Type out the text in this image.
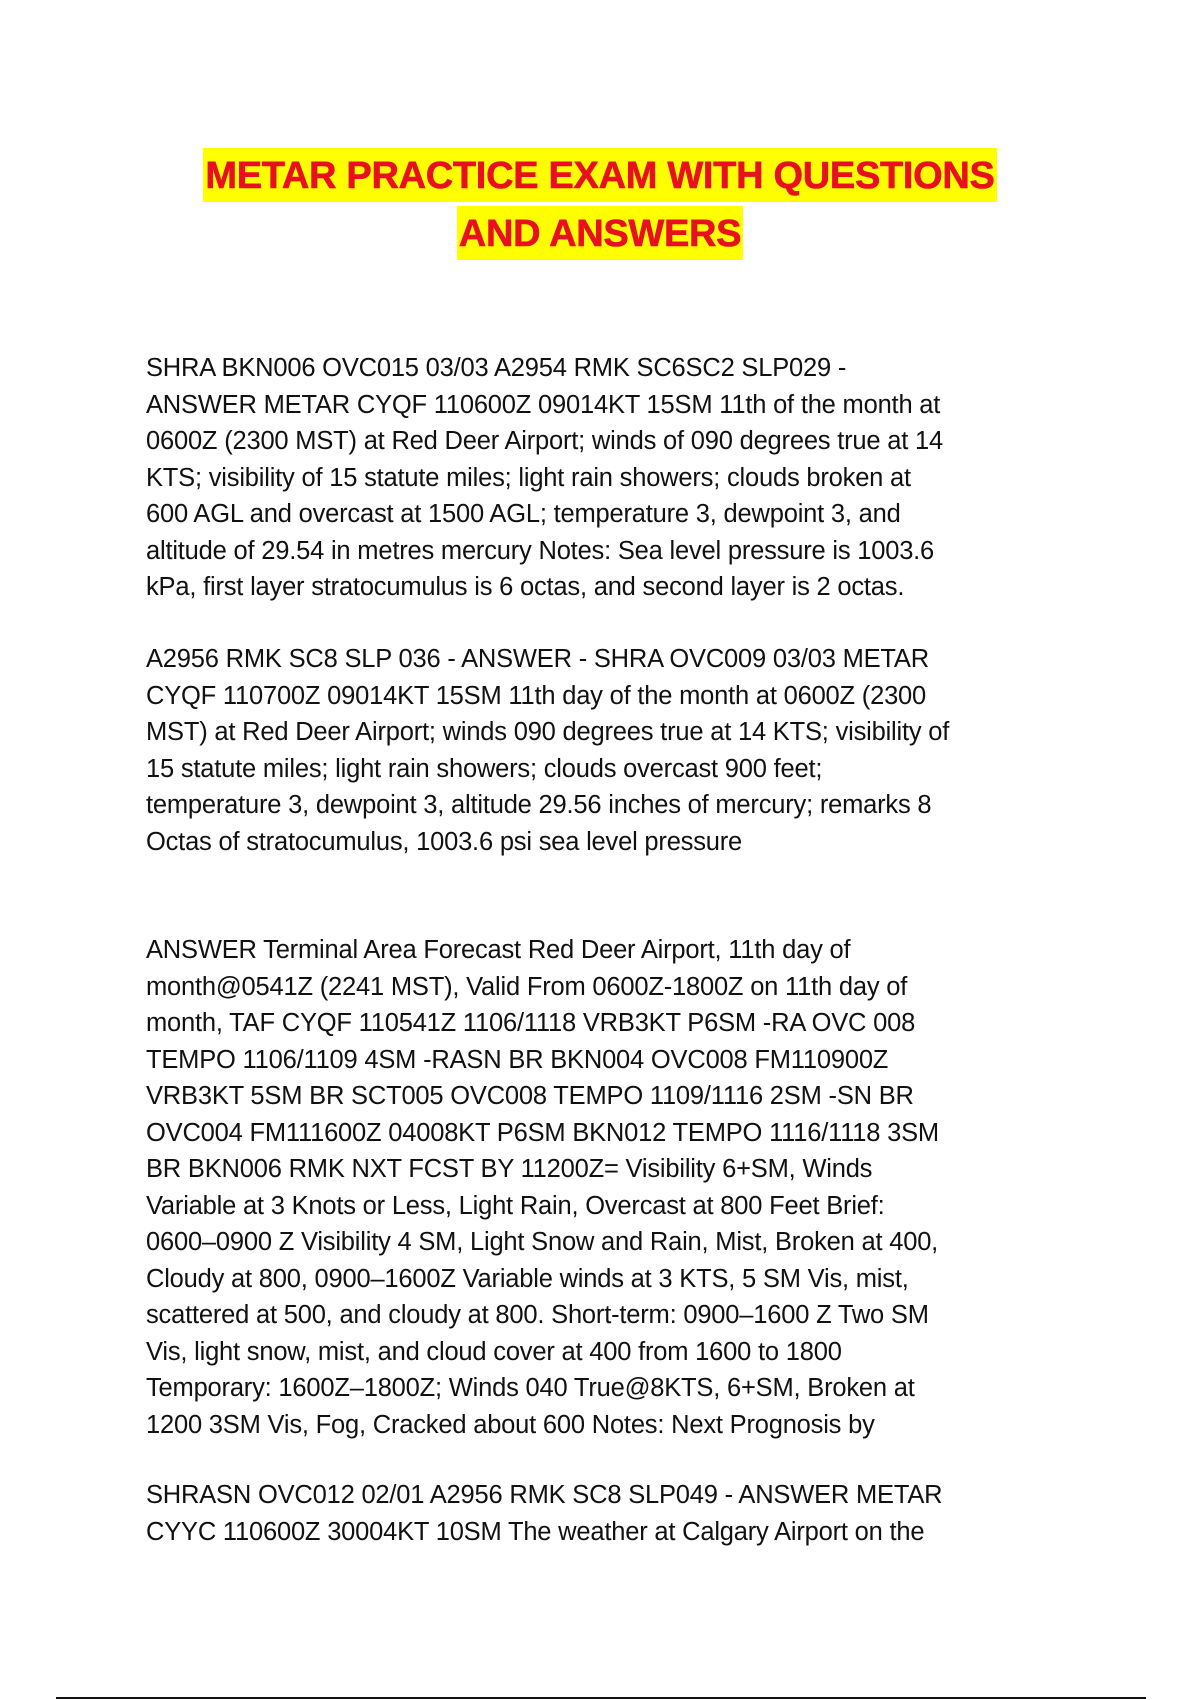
METAR PRACTICE EXAM WITH QUESTIONS
AND ANSWERS
SHRA BKN006 OVC015 03/03 A2954 RMK SC6SC2 SLP029 -
ANSWER METAR CYQF 110600Z 09014KT 15SM 11th of the month at
0600Z (2300 MST) at Red Deer Airport; winds of 090 degrees true at 14
KTS; visibility of 15 statute miles; light rain showers; clouds broken at
600 AGL and overcast at 1500 AGL; temperature 3, dewpoint 3, and
altitude of 29.54 in metres mercury Notes: Sea level pressure is 1003.6
kPa, first layer stratocumulus is 6 octas, and second layer is 2 octas.
A2956 RMK SC8 SLP 036 - ANSWER - SHRA OVC009 03/03 METAR
CYQF 110700Z 09014KT 15SM 11th day of the month at 0600Z (2300
MST) at Red Deer Airport; winds 090 degrees true at 14 KTS; visibility of
15 statute miles; light rain showers; clouds overcast 900 feet;
temperature 3, dewpoint 3, altitude 29.56 inches of mercury; remarks 8
Octas of stratocumulus, 1003.6 psi sea level pressure
ANSWER Terminal Area Forecast Red Deer Airport, 11th day of
month@0541Z (2241 MST), Valid From 0600Z-1800Z on 11th day of
month, TAF CYQF 110541Z 1106/1118 VRB3KT P6SM -RA OVC 008
TEMPO 1106/1109 4SM -RASN BR BKN004 OVC008 FM110900Z
VRB3KT 5SM BR SCT005 OVC008 TEMPO 1109/1116 2SM -SN BR
OVC004 FM111600Z 04008KT P6SM BKN012 TEMPO 1116/1118 3SM
BR BKN006 RMK NXT FCST BY 11200Z= Visibility 6+SM, Winds
Variable at 3 Knots or Less, Light Rain, Overcast at 800 Feet Brief:
0600–0900 Z Visibility 4 SM, Light Snow and Rain, Mist, Broken at 400,
Cloudy at 800, 0900–1600Z Variable winds at 3 KTS, 5 SM Vis, mist,
scattered at 500, and cloudy at 800. Short-term: 0900–1600 Z Two SM
Vis, light snow, mist, and cloud cover at 400 from 1600 to 1800
Temporary: 1600Z–1800Z; Winds 040 True@8KTS, 6+SM, Broken at
1200 3SM Vis, Fog, Cracked about 600 Notes: Next Prognosis by
SHRASN OVC012 02/01 A2956 RMK SC8 SLP049 - ANSWER METAR
CYYC 110600Z 30004KT 10SM The weather at Calgary Airport on the
